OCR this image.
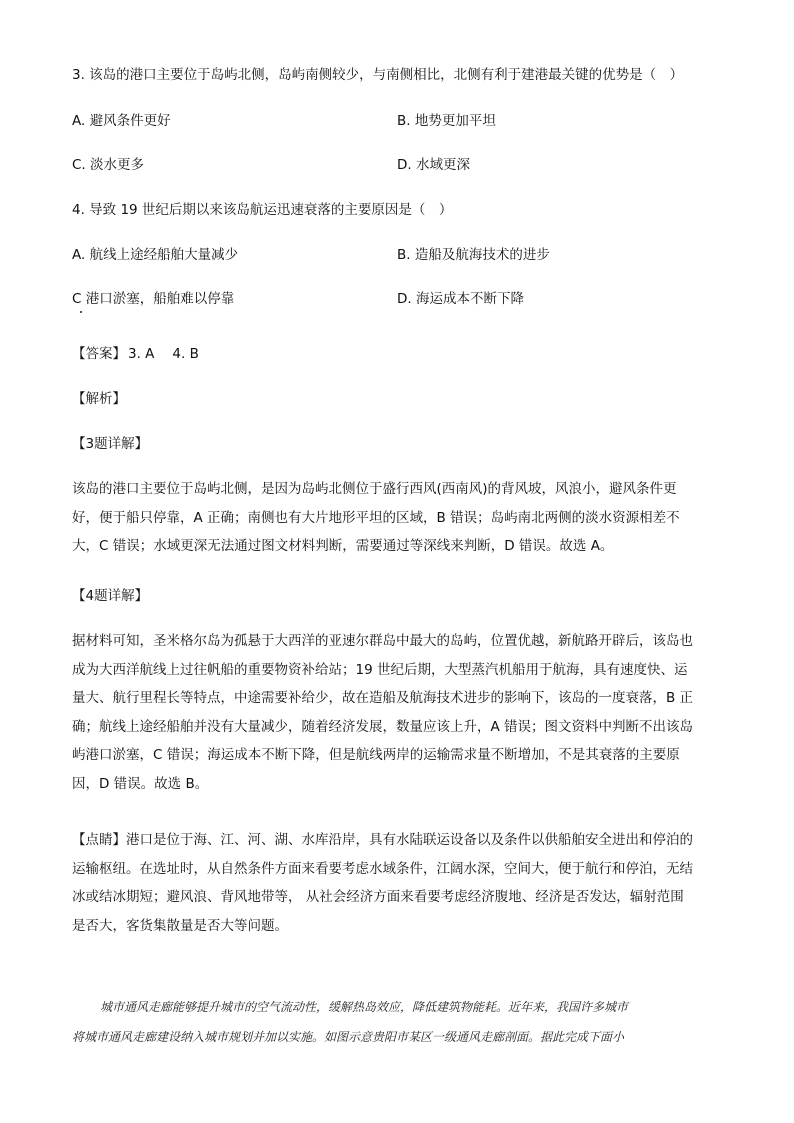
3. 该岛的港口主要位于岛屿北侧，岛屿南侧较少，与南侧相比，北侧有利于建港最关键的优势是（　）
A. 避风条件更好	B. 地势更加平坦
C. 淡水更多	D. 水域更深
4. 导致 19 世纪后期以来该岛航运迅速衰落的主要原因是（　）
A. 航线上途经船舶大量减少	B. 造船及航海技术的进步
C 港口淤塞，船舶难以停靠	D. 海运成本不断下降
【答案】 3. A 4. B
【解析】
【3题详解】
该岛的港口主要位于岛屿北侧，是因为岛屿北侧位于盛行西风(西南风)的背风坡，风浪小，避风条件更
好，便于船只停靠，A 正确；南侧也有大片地形平坦的区域，B 错误；岛屿南北两侧的淡水资源相差不
大，C 错误；水域更深无法通过图文材料判断，需要通过等深线来判断，D 错误。故选 A。
【4题详解】
据材料可知，圣米格尔岛为孤悬于大西洋的亚速尔群岛中最大的岛屿，位置优越，新航路开辟后，该岛也
成为大西洋航线上过往帆船的重要物资补给站；19 世纪后期，大型蒸汽机船用于航海，具有速度快、运
量大、航行里程长等特点，中途需要补给少，故在造船及航海技术进步的影响下，该岛的一度衰落，B 正
确；航线上途经船舶并没有大量减少，随着经济发展，数量应该上升，A 错误；图文资料中判断不出该岛
屿港口淤塞，C 错误；海运成本不断下降，但是航线两岸的运输需求量不断增加，不是其衰落的主要原
因，D 错误。故选 B。
【点睛】港口是位于海、江、河、湖、水库沿岸，具有水陆联运设备以及条件以供船舶安全进出和停泊的
运输枢纽。在选址时，从自然条件方面来看要考虑水域条件，江阔水深，空间大，便于航行和停泊，无结
冰或结冰期短；避风浪、背风地带等， 从社会经济方面来看要考虑经济腹地、经济是否发达，辐射范围
是否大，客货集散量是否大等问题。
城市通风走廊能够提升城市的空气流动性，缓解热岛效应，降低建筑物能耗。近年来，我国许多城市
将城市通风走廊建设纳入城市规划并加以实施。如图示意贵阳市某区一级通风走廊剖面。据此完成下面小
